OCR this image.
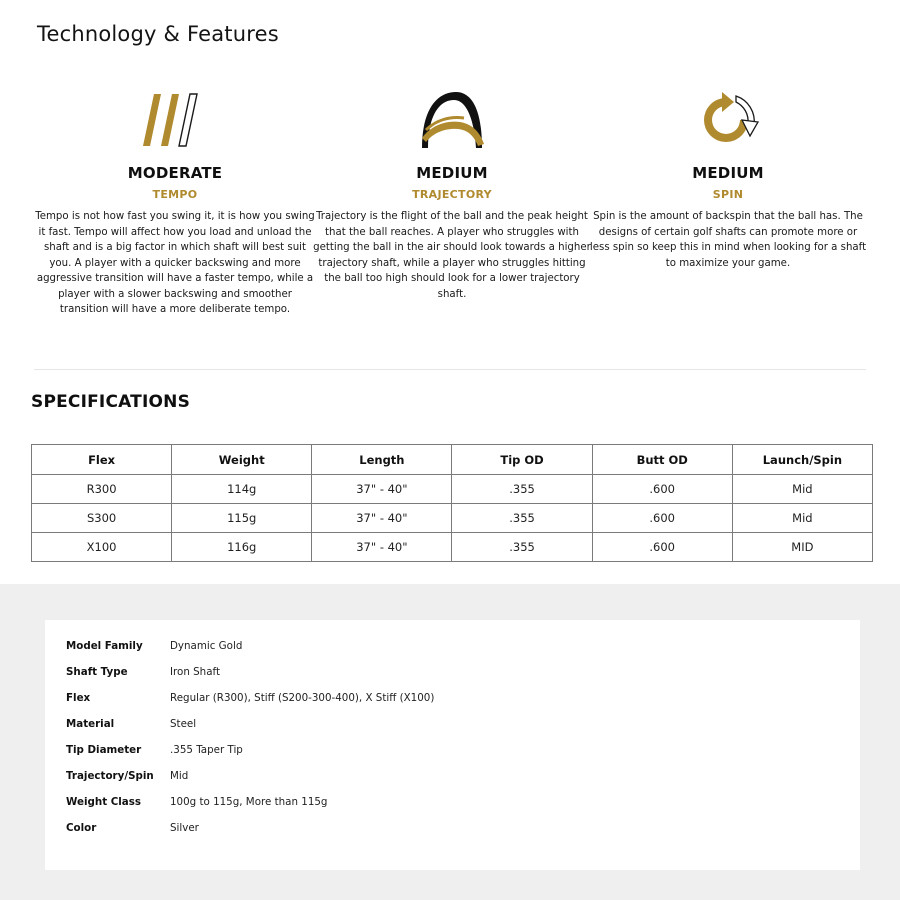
Technology & Features
MODERATE
TEMPO

Tempo is not how fast you swing it, it is how you swing it fast. Tempo will affect how you load and unload the shaft and is a big factor in which shaft will best suit you. A player with a quicker backswing and more aggressive transition will have a faster tempo, while a player with a slower backswing and smoother transition will have a more deliberate tempo.

MEDIUM
TRAJECTORY

Trajectory is the flight of the ball and the peak height that the ball reaches. A player who struggles with getting the ball in the air should look towards a higher trajectory shaft, while a player who struggles hitting the ball too high should look for a lower trajectory shaft.

MEDIUM
SPIN

Spin is the amount of backspin that the ball has. The designs of certain golf shafts can promote more or less spin so keep this in mind when looking for a shaft to maximize your game.

SPECIFICATIONS
Flex	Weight	Length	Tip OD	Butt OD	Launch/Spin
R300	114g	37" - 40"	.355	.600	Mid
S300	115g	37" - 40"	.355	.600	Mid
X100	116g	37" - 40"	.355	.600	MID
Model Family	Dynamic Gold
Shaft Type	Iron Shaft
Flex	Regular (R300), Stiff (S200-300-400), X Stiff (X100)
Material	Steel
Tip Diameter	.355 Taper Tip
Trajectory/Spin	Mid
Weight Class	100g to 115g, More than 115g
Color	Silver
